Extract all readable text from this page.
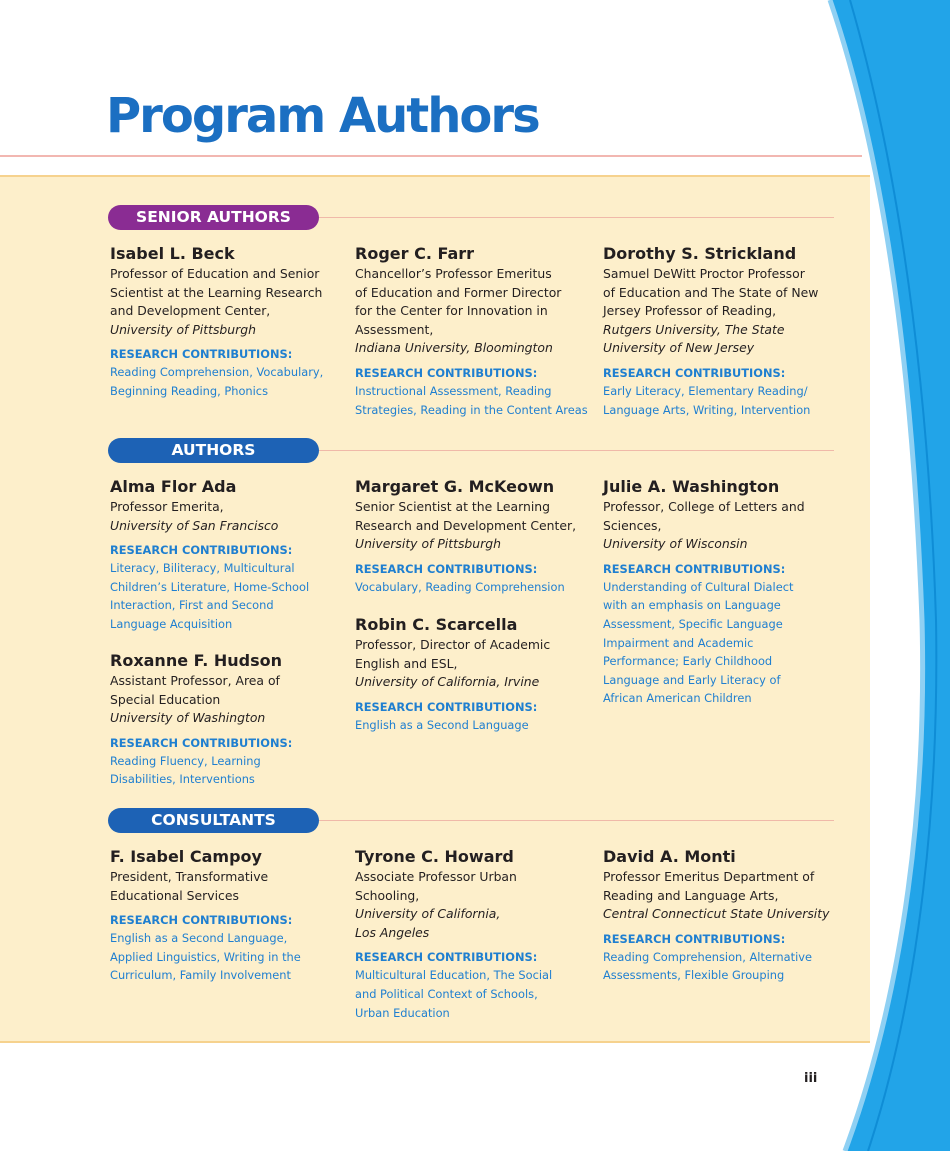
Program Authors
SENIOR AUTHORS
AUTHORS
CONSULTANTS
Isabel L. Beck
Professor of Education and Senior
Scientist at the Learning Research
and Development Center,
University of Pittsburgh
RESEARCH CONTRIBUTIONS:
Reading Comprehension, Vocabulary,
Beginning Reading, Phonics
Roger C. Farr
Chancellor’s Professor Emeritus
of Education and Former Director
for the Center for Innovation in
Assessment,
Indiana University, Bloomington
RESEARCH CONTRIBUTIONS:
Instructional Assessment, Reading
Strategies, Reading in the Content Areas
Dorothy S. Strickland
Samuel DeWitt Proctor Professor
of Education and The State of New
Jersey Professor of Reading,
Rutgers University, The State
University of New Jersey
RESEARCH CONTRIBUTIONS:
Early Literacy, Elementary Reading/
Language Arts, Writing, Intervention
Alma Flor Ada
Professor Emerita,
University of San Francisco
RESEARCH CONTRIBUTIONS:
Literacy, Biliteracy, Multicultural
Children’s Literature, Home-School
Interaction, First and Second
Language Acquisition
Roxanne F. Hudson
Assistant Professor, Area of
Special Education
University of Washington
RESEARCH CONTRIBUTIONS:
Reading Fluency, Learning
Disabilities, Interventions
Margaret G. McKeown
Senior Scientist at the Learning
Research and Development Center,
University of Pittsburgh
RESEARCH CONTRIBUTIONS:
Vocabulary, Reading Comprehension
Robin C. Scarcella
Professor, Director of Academic
English and ESL,
University of California, Irvine
RESEARCH CONTRIBUTIONS:
English as a Second Language
Julie A. Washington
Professor, College of Letters and
Sciences,
University of Wisconsin
RESEARCH CONTRIBUTIONS:
Understanding of Cultural Dialect
with an emphasis on Language
Assessment, Specific Language
Impairment and Academic
Performance; Early Childhood
Language and Early Literacy of
African American Children
F. Isabel Campoy
President, Transformative
Educational Services
RESEARCH CONTRIBUTIONS:
English as a Second Language,
Applied Linguistics, Writing in the
Curriculum, Family Involvement
Tyrone C. Howard
Associate Professor Urban
Schooling,
University of California,
Los Angeles
RESEARCH CONTRIBUTIONS:
Multicultural Education, The Social
and Political Context of Schools,
Urban Education
David A. Monti
Professor Emeritus Department of
Reading and Language Arts,
Central Connecticut State University
RESEARCH CONTRIBUTIONS:
Reading Comprehension, Alternative
Assessments, Flexible Grouping
iii
